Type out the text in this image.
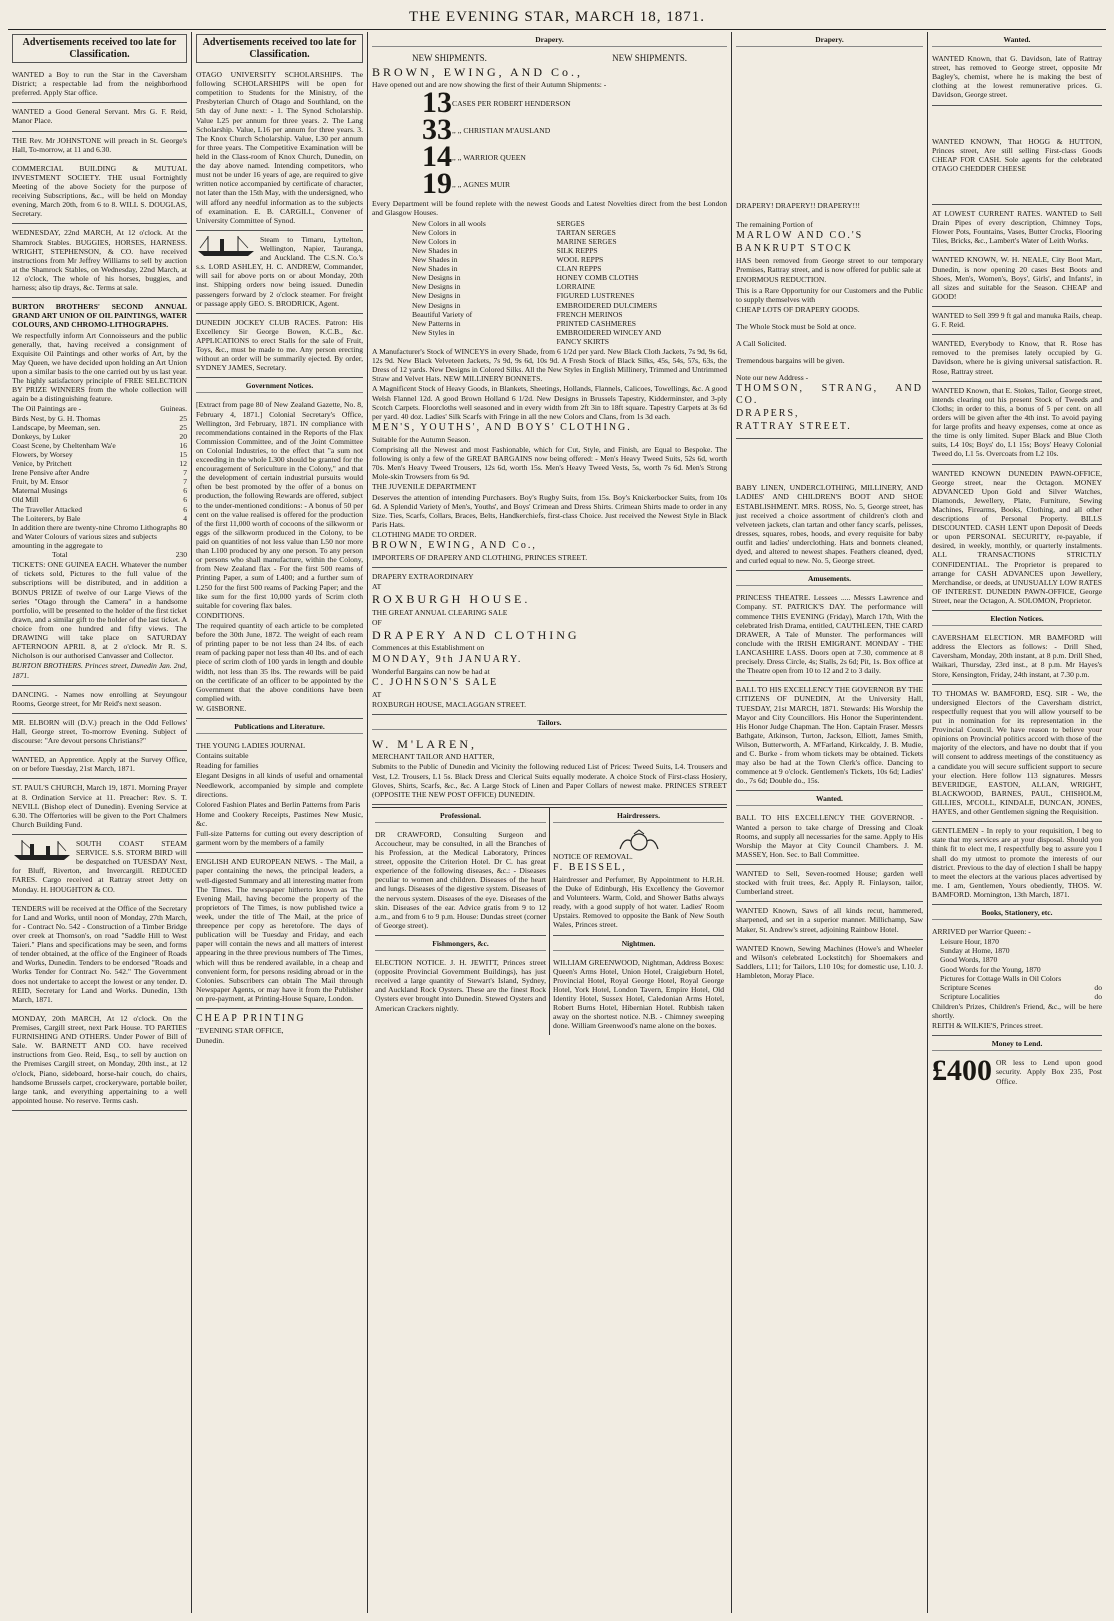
THE EVENING STAR, MARCH 18, 1871.
Advertisements received too late for Classification.

WANTED a Boy to run the Star in the Caversham District; a respectable lad from the neighborhood preferred. Apply Star office.

WANTED a Good General Servant. Mrs G. F. Reid, Manor Place.

THE Rev. Mr JOHNSTONE will preach in St. George's Hall, To-morrow, at 11 and 6.30.

COMMERCIAL BUILDING & MUTUAL INVESTMENT SOCIETY. THE usual Fortnightly Meeting of the above Society for the purpose of receiving Subscriptions, &c., will be held on Monday evening, March 20th, from 6 to 8. WILL S. DOUGLAS, Secretary.

WEDNESDAY, 22nd MARCH, At 12 o'clock. At the Shamrock Stables. BUGGIES, HORSES, HARNESS. WRIGHT, STEPHENSON, & CO. have received instructions from Mr Jeffrey Williams to sell by auction at the Shamrock Stables, on Wednesday, 22nd March, at 12 o'clock, The whole of his horses, buggies, and harness; also tip drays, &c. Terms at sale.

BURTON BROTHERS' SECOND ANNUAL GRAND ART UNION OF OIL PAINTINGS, WATER COLOURS, AND CHROMO-LITHOGRAPHS.

We respectfully inform Art Connoisseurs and the public generally, that, having received a consignment of Exquisite Oil Paintings and other works of Art, by the May Queen, we have decided upon holding an Art Union upon a similar basis to the one carried out by us last year. The highly satisfactory principle of FREE SELECTION BY PRIZE WINNERS from the whole collection will again be a distinguishing feature.

The Oil Paintings are -	Guineas.
Birds Nest, by G. H. Thomas	25
Landscape, by Meeman, sen.	25
Donkeys, by Luker	20
Coast Scene, by Cheltenham Wa'e	16
Flowers, by Worsey	15
Venice, by Pritchett	12
Irene Pensive after Andre	7
Fruit, by M. Ensor	7
Maternal Musings	6
Old Mill	6
The Traveller Attacked	6
The Loiterers, by Bale	4
In addition there are twenty-nine Chromo Lithographs and Water Colours of various sizes and subjects amounting in the aggregate to
80
Total	230

TICKETS: ONE GUINEA EACH. Whatever the number of tickets sold, Pictures to the full value of the subscriptions will be distributed, and in addition a BONUS PRIZE of twelve of our Large Views of the series "Otago through the Camera" in a handsome portfolio, will be presented to the holder of the first ticket drawn, and a similar gift to the holder of the last ticket. A choice from one hundred and fifty views. The DRAWING will take place on SATURDAY AFTERNOON APRIL 8, at 2 o'clock. Mr R. S. Nicholson is our authorised Canvasser and Collector.

BURTON BROTHERS. Princes street, Dunedin Jan. 2nd, 1871.

DANCING. - Names now enrolling at Seyungour Rooms, George street, for Mr Reid's next season.

MR. ELBORN will (D.V.) preach in the Odd Fellows' Hall, George street, To-morrow Evening. Subject of discourse: "Are devout persons Christians?"

WANTED, an Apprentice. Apply at the Survey Office, on or before Tuesday, 21st March, 1871.

ST. PAUL'S CHURCH, March 19, 1871. Morning Prayer at 8. Ordination Service at 11. Preacher: Rev. S. T. NEVILL (Bishop elect of Dunedin). Evening Service at 6.30. The Offertories will be given to the Port Chalmers Church Building Fund.

SOUTH COAST STEAM SERVICE. S.S. STORM BIRD will be despatched on TUESDAY Next, for Bluff, Riverton, and Invercargill. REDUCED FARES. Cargo received at Rattray street Jetty on Monday. H. HOUGHTON & CO.

TENDERS will be received at the Office of the Secretary for Land and Works, until noon of Monday, 27th March, for - Contract No. 542 - Construction of a Timber Bridge over creek at Thomson's, on road "Saddle Hill to West Taieri." Plans and specifications may be seen, and forms of tender obtained, at the office of the Engineer of Roads and Works, Dunedin. Tenders to be endorsed "Roads and Works Tender for Contract No. 542." The Government does not undertake to accept the lowest or any tender. D. REID, Secretary for Land and Works. Dunedin, 13th March, 1871.

MONDAY, 20th MARCH, At 12 o'clock. On the Premises, Cargill street, next Park House. TO PARTIES FURNISHING AND OTHERS. Under Power of Bill of Sale. W. BARNETT AND CO. have received instructions from Geo. Reid, Esq., to sell by auction on the Premises Cargill street, on Monday, 20th inst., at 12 o'clock, Piano, sideboard, horse-hair couch, do chairs, handsome Brussels carpet, crockeryware, portable boiler, large tank, and everything appertaining to a well appointed house. No reserve. Terms cash.

Advertisements received too late for Classification.

OTAGO UNIVERSITY SCHOLARSHIPS. The following SCHOLARSHIPS will be open for competition to Students for the Ministry, of the Presbyterian Church of Otago and Southland, on the 5th day of June next: - 1. The Synod Scholarship. Value L25 per annum for three years. 2. The Lang Scholarship. Value, L16 per annum for three years. 3. The Knox Church Scholarship. Value, L30 per annum for three years. The Competitive Examination will be held in the Class-room of Knox Church, Dunedin, on the day above named. Intending competitors, who must not be under 16 years of age, are required to give written notice accompanied by certificate of character, not later than the 15th May, with the undersigned, who will afford any needful information as to the subjects of examination. E. B. CARGILL, Convener of University Committee of Synod.

Steam to Timaru, Lyttelton, Wellington, Napier, Tauranga, and Auckland. The C.S.N. Co.'s s.s. LORD ASHLEY, H. C. ANDREW, Commander, will sail for above ports on or about Monday, 20th inst. Shipping orders now being issued. Dunedin passengers forward by 2 o'clock steamer. For freight or passage apply GEO. S. BRODRICK, Agent.

DUNEDIN JOCKEY CLUB RACES. Patron: His Excellency Sir George Bowen, K.C.B., &c. APPLICATIONS to erect Stalls for the sale of Fruit, Toys, &c., must be made to me. Any person erecting without an order will be summarily ejected. By order, SYDNEY JAMES, Secretary.

Government Notices.

[Extract from page 80 of New Zealand Gazette, No. 8, February 4, 1871.] Colonial Secretary's Office, Wellington, 3rd February, 1871. IN compliance with recommendations contained in the Reports of the Flax Commission Committee, and of the Joint Committee on Colonial Industries, to the effect that "a sum not exceeding in the whole L300 should be granted for the encouragement of Sericulture in the Colony," and that the development of certain industrial pursuits would often be best promoted by the offer of a bonus on production, the following Rewards are offered, subject to the under-mentioned conditions: - A bonus of 50 per cent on the value realised is offered for the production of the first 11,000 worth of cocoons of the silkworm or eggs of the silkworm produced in the Colony, to be paid on quantities of not less value than L50 nor more than L100 produced by any one person. To any person or persons who shall manufacture, within the Colony, from New Zealand flax - For the first 500 reams of Printing Paper, a sum of L400; and a further sum of L250 for the first 500 reams of Packing Paper; and the like sum for the first 10,000 yards of Scrim cloth suitable for covering flax bales.

CONDITIONS.

The required quantity of each article to be completed before the 30th June, 1872. The weight of each ream of printing paper to be not less than 24 lbs. of each ream of packing paper not less than 40 lbs. and of each piece of scrim cloth of 100 yards in length and double width, not less than 35 lbs. The rewards will be paid on the certificate of an officer to be appointed by the Government that the above conditions have been complied with.

W. GISBORNE.

Publications and Literature.

THE YOUNG LADIES JOURNAL

Contains suitable

Reading for families

Elegant Designs in all kinds of useful and ornamental Needlework, accompanied by simple and complete directions.

Colored Fashion Plates and Berlin Patterns from Paris

Home and Cookery Receipts, Pastimes New Music, &c.

Full-size Patterns for cutting out every description of garment worn by the members of a family

ENGLISH AND EUROPEAN NEWS. - The Mail, a paper containing the news, the principal leaders, a well-digested Summary and all interesting matter from The Times. The newspaper hitherto known as The Evening Mail, having become the property of the proprietors of The Times, is now published twice a week, under the title of The Mail, at the price of threepence per copy as heretofore. The days of publication will be Tuesday and Friday, and each paper will contain the news and all matters of interest appearing in the three previous numbers of The Times, which will thus be rendered available, in a cheap and convenient form, for persons residing abroad or in the Colonies. Subscribers can obtain The Mail through Newspaper Agents, or may have it from the Publisher on pre-payment, at Printing-House Square, London.

CHEAP PRINTING

"EVENING STAR OFFICE,

Dunedin.

Drapery.
NEW SHIPMENTS.	NEW SHIPMENTS.

BROWN, EWING, AND Co.,

Have opened out and are now showing the first of their Autumn Shipments: -

13 CASES PER ROBERT HENDERSON
33 ,, ,, CHRISTIAN M'AUSLAND
14 ,, ,, WARRIOR QUEEN
19 ,, ,, AGNES MUIR

Every Department will be found replete with the newest Goods and Latest Novelties direct from the best London and Glasgow Houses.

New Colors in all wools	SERGES
New Colors in	TARTAN SERGES
New Colors in	MARINE SERGES
New Shades in	SILK REPPS
New Shades in	WOOL REPPS
New Shades in	CLAN REPPS
New Designs in	HONEY COMB CLOTHS
New Designs in	LORRAINE
New Designs in	FIGURED LUSTRENES
New Designs in	EMBROIDERED DULCIMERS
Beautiful Variety of	FRENCH MERINOS
New Patterns in	PRINTED CASHMERES
New Styles in	EMBROIDERED WINCEY AND FANCY SKIRTS

A Manufacturer's Stock of WINCEYS in every Shade, from 6 1/2d per yard. New Black Cloth Jackets, 7s 9d, 9s 6d, 12s 9d. New Black Velveteen Jackets, 7s 9d, 9s 6d, 10s 9d. A Fresh Stock of Black Silks, 45s, 54s, 57s, 63s, the Dress of 12 yards. New Designs in Colored Silks. All the New Styles in English Millinery, Trimmed and Untrimmed Straw and Velvet Hats. NEW MILLINERY BONNETS.

A Magnificent Stock of Heavy Goods, in Blankets, Sheetings, Hollands, Flannels, Calicoes, Towellings, &c. A good Welsh Flannel 12d. A good Brown Holland 6 1/2d. New Designs in Brussels Tapestry, Kidderminster, and 3-ply Scotch Carpets. Floorcloths well seasoned and in every width from 2ft 3in to 18ft square. Tapestry Carpets at 3s 6d per yard. 40 doz. Ladies' Silk Scarfs with Fringe in all the new Colors and Clans, from 1s 3d each.

MEN'S, YOUTHS', AND BOYS' CLOTHING.

Suitable for the Autumn Season.

Comprising all the Newest and most Fashionable, which for Cut, Style, and Finish, are Equal to Bespoke. The following is only a few of the GREAT BARGAINS now being offered: - Men's Heavy Tweed Suits, 52s 6d, worth 70s. Men's Heavy Tweed Trousers, 12s 6d, worth 15s. Men's Heavy Tweed Vests, 5s, worth 7s 6d. Men's Strong Mole-skin Trowsers from 6s 9d.

THE JUVENILE DEPARTMENT

Deserves the attention of intending Purchasers. Boy's Rugby Suits, from 15s. Boy's Knickerbocker Suits, from 10s 6d. A Splendid Variety of Men's, Youths', and Boys' Crimean and Dress Shirts. Crimean Shirts made to order in any Size. Ties, Scarfs, Collars, Braces, Belts, Handkerchiefs, first-class Choice. Just received the Newest Style in Black Paris Hats.

CLOTHING MADE TO ORDER.

BROWN, EWING, AND Co.,

IMPORTERS OF DRAPERY AND CLOTHING, PRINCES STREET.

DRAPERY EXTRAORDINARY

AT

ROXBURGH HOUSE.

THE GREAT ANNUAL CLEARING SALE

OF

DRAPERY AND CLOTHING

Commences at this Establishment on

MONDAY, 9th JANUARY.

Wonderful Bargains can now be had at

C. JOHNSON'S SALE

AT

ROXBURGH HOUSE, MACLAGGAN STREET.

Tailors.

W. M'LAREN,

MERCHANT TAILOR AND HATTER,

Submits to the Public of Dunedin and Vicinity the following reduced List of Prices: Tweed Suits, L4. Trousers and Vest, L2. Trousers, L1 5s. Black Dress and Clerical Suits equally moderate. A choice Stock of First-class Hosiery, Gloves, Shirts, Scarfs, &c., &c. A Large Stock of Linen and Paper Collars of newest make. PRINCES STREET (OPPOSITE THE NEW POST OFFICE) DUNEDIN.

Professional.

DR CRAWFORD, Consulting Surgeon and Accoucheur, may be consulted, in all the Branches of his Profession, at the Medical Laboratory, Princes street, opposite the Criterion Hotel. Dr C. has great experience of the following diseases, &c.: - Diseases peculiar to women and children. Diseases of the heart and lungs. Diseases of the digestive system. Diseases of the nervous system. Diseases of the eye. Diseases of the skin. Diseases of the ear. Advice gratis from 9 to 12 a.m., and from 6 to 9 p.m. House: Dundas street (corner of George street).

Fishmongers, &c.

ELECTION NOTICE. J. H. JEWITT, Princes street (opposite Provincial Government Buildings), has just received a large quantity of Stewart's Island, Sydney, and Auckland Rock Oysters. These are the finest Rock Oysters ever brought into Dunedin. Stewed Oysters and American Crackers nightly.

Hairdressers.

NOTICE OF REMOVAL.

F. BEISSEL,

Hairdresser and Perfumer, By Appointment to H.R.H. the Duke of Edinburgh, His Excellency the Governor and Volunteers. Warm, Cold, and Shower Baths always ready, with a good supply of hot water. Ladies' Room Upstairs. Removed to opposite the Bank of New South Wales, Princes street.

Nightmen.

WILLIAM GREENWOOD, Nightman, Address Boxes: Queen's Arms Hotel, Union Hotel, Craigieburn Hotel, Provincial Hotel, Royal George Hotel, Royal George Hotel, York Hotel, London Tavern, Empire Hotel, Old Identity Hotel, Sussex Hotel, Caledonian Arms Hotel, Robert Burns Hotel, Hibernian Hotel. Rubbish taken away on the shortest notice. N.B. - Chimney sweeping done. William Greenwood's name alone on the boxes.

Drapery.

DRAPERY! DRAPERY!! DRAPERY!!!

The remaining Portion of

MARLOW AND CO.'S

BANKRUPT STOCK

HAS been removed from George street to our temporary Premises, Rattray street, and is now offered for public sale at

ENORMOUS REDUCTION.

This is a Rare Opportunity for our Customers and the Public to supply themselves with

CHEAP LOTS OF DRAPERY GOODS.

The Whole Stock must be Sold at once.

A Call Solicited.

Tremendous bargains will be given.

Note our new Address -

THOMSON, STRANG, AND CO.

DRAPERS,

RATTRAY STREET.

BABY LINEN, UNDERCLOTHING, MILLINERY, AND LADIES' AND CHILDREN'S BOOT AND SHOE ESTABLISHMENT. MRS. ROSS, No. 5, George street, has just received a choice assortment of children's cloth and velveteen jackets, clan tartan and other fancy scarfs, pelisses, dresses, squares, robes, hoods, and every requisite for baby outfit and ladies' underclothing. Hats and bonnets cleaned, dyed, and altered to newest shapes. Feathers cleaned, dyed, and curled equal to new. No. 5, George street.

Amusements.

PRINCESS THEATRE. Lessees ..... Messrs Lawrence and Company. ST. PATRICK'S DAY. The performance will commence THIS EVENING (Friday), March 17th, With the celebrated Irish Drama, entitled, CAUTHLEEN, THE CARD DRAWER, A Tale of Munster. The performances will conclude with the IRISH EMIGRANT. MONDAY - THE LANCASHIRE LASS. Doors open at 7.30, commence at 8 precisely. Dress Circle, 4s; Stalls, 2s 6d; Pit, 1s. Box office at the Theatre open from 10 to 12 and 2 to 3 daily.

BALL TO HIS EXCELLENCY THE GOVERNOR BY THE CITIZENS OF DUNEDIN, At the University Hall, TUESDAY, 21st MARCH, 1871. Stewards: His Worship the Mayor and City Councillors. His Honor the Superintendent. His Honor Judge Chapman. The Hon. Captain Fraser. Messrs Bathgate, Atkinson, Turton, Jackson, Elliott, James Smith, Wilson, Butterworth, A. M'Farland, Kirkcaldy, J. B. Mudie, and C. Burke - from whom tickets may be obtained. Tickets may also be had at the Town Clerk's office. Dancing to commence at 9 o'clock. Gentlemen's Tickets, 10s 6d; Ladies' do., 7s 6d; Double do., 15s.

Wanted.

BALL TO HIS EXCELLENCY THE GOVERNOR. - Wanted a person to take charge of Dressing and Cloak Rooms, and supply all necessaries for the same. Apply to His Worship the Mayor at City Council Chambers. J. M. MASSEY, Hon. Sec. to Ball Committee.

WANTED to Sell, Seven-roomed House; garden well stocked with fruit trees, &c. Apply R. Finlayson, tailor, Cumberland street.

WANTED Known, Saws of all kinds recut, hammered, sharpened, and set in a superior manner. Millichamp, Saw Maker, St. Andrew's street, adjoining Rainbow Hotel.

WANTED Known, Sewing Machines (Howe's and Wheeler and Wilson's celebrated Lockstitch) for Shoemakers and Saddlers, L11; for Tailors, L10 10s; for domestic use, L10. J. Hambleton, Moray Place.

Wanted.

WANTED Known, that G. Davidson, late of Rattray street, has removed to George street, opposite Mr Bagley's, chemist, where he is making the best of clothing at the lowest remunerative prices. G. Davidson, George street.

WANTED KNOWN, That HOGG & HUTTON, Princes street, Are still selling First-class Goods CHEAP FOR CASH. Sole agents for the celebrated OTAGO CHEDDER CHEESE

AT LOWEST CURRENT RATES. WANTED to Sell Drain Pipes of every description, Chimney Tops, Flower Pots, Fountains, Vases, Butter Crocks, Flooring Tiles, Bricks, &c., Lambert's Water of Leith Works.

WANTED KNOWN, W. H. NEALE, City Boot Mart, Dunedin, is now opening 20 cases Best Boots and Shoes, Men's, Women's, Boys', Girls', and Infants', in all sizes and suitable for the Season. CHEAP and GOOD!

WANTED to Sell 399 9 ft gal and manuka Rails, cheap. G. F. Reid.

WANTED, Everybody to Know, that R. Rose has removed to the premises lately occupied by G. Davidson, where he is giving universal satisfaction. R. Rose, Rattray street.

WANTED Known, that E. Stokes, Tailor, George street, intends clearing out his present Stock of Tweeds and Cloths; in order to this, a bonus of 5 per cent. on all orders will be given after the 4th inst. To avoid paying for large profits and heavy expenses, come at once as the time is only limited. Super Black and Blue Cloth suits, L4 10s; Boys' do, L1 15s; Boys' Heavy Colonial Tweed do, L1 5s. Overcoats from L2 10s.

WANTED KNOWN DUNEDIN PAWN-OFFICE, George street, near the Octagon. MONEY ADVANCED Upon Gold and Silver Watches, Diamonds, Jewellery, Plate, Furniture, Sewing Machines, Firearms, Books, Clothing, and all other descriptions of Personal Property. BILLS DISCOUNTED. CASH LENT upon Deposit of Deeds or upon PERSONAL SECURITY, re-payable, if desired, in weekly, monthly, or quarterly instalments. ALL TRANSACTIONS STRICTLY CONFIDENTIAL. The Proprietor is prepared to arrange for CASH ADVANCES upon Jewellery, Merchandise, or deeds, at UNUSUALLY LOW RATES OF INTEREST. DUNEDIN PAWN-OFFICE, George Street, near the Octagon, A. SOLOMON, Proprietor.

Election Notices.

CAVERSHAM ELECTION. MR BAMFORD will address the Electors as follows: - Drill Shed, Caversham, Monday, 20th instant, at 8 p.m. Drill Shed, Waikari, Thursday, 23rd inst., at 8 p.m. Mr Hayes's Store, Kensington, Friday, 24th instant, at 7.30 p.m.

TO THOMAS W. BAMFORD, ESQ. SIR - We, the undersigned Electors of the Caversham district, respectfully request that you will allow yourself to be put in nomination for its representation in the Provincial Council. We have reason to believe your opinions on Provincial politics accord with those of the majority of the electors, and have no doubt that if you will consent to address meetings of the constituency as a candidate you will secure sufficient support to secure your election. Here follow 113 signatures. Messrs BEVERIDGE, EASTON, ALLAN, WRIGHT, BLACKWOOD, BARNES, PAUL, CHISHOLM, GILLIES, M'COLL, KINDALE, DUNCAN, JONES, HAYES, and other Gentlemen signing the Requisition.

GENTLEMEN - In reply to your requisition, I beg to state that my services are at your disposal. Should you think fit to elect me, I respectfully beg to assure you I shall do my utmost to promote the interests of our district. Previous to the day of election I shall be happy to meet the electors at the various places advertised by me. I am, Gentlemen, Yours obediently, THOS. W. BAMFORD. Mornington, 13th March, 1871.

Books, Stationery, etc.

ARRIVED per Warrior Queen: -

Leisure Hour, 1870
Sunday at Home, 1870
Good Words, 1870
Good Words for the Young, 1870
Pictures for Cottage Walls in Oil Colors
Scripture Scenes	do
Scripture Localities	do

Children's Prizes, Children's Friend, &c., will be here shortly.

REITH & WILKIE'S, Princes street.

Money to Lend.
£400 OR less to Lend upon good security. Apply Box 235, Post Office.
